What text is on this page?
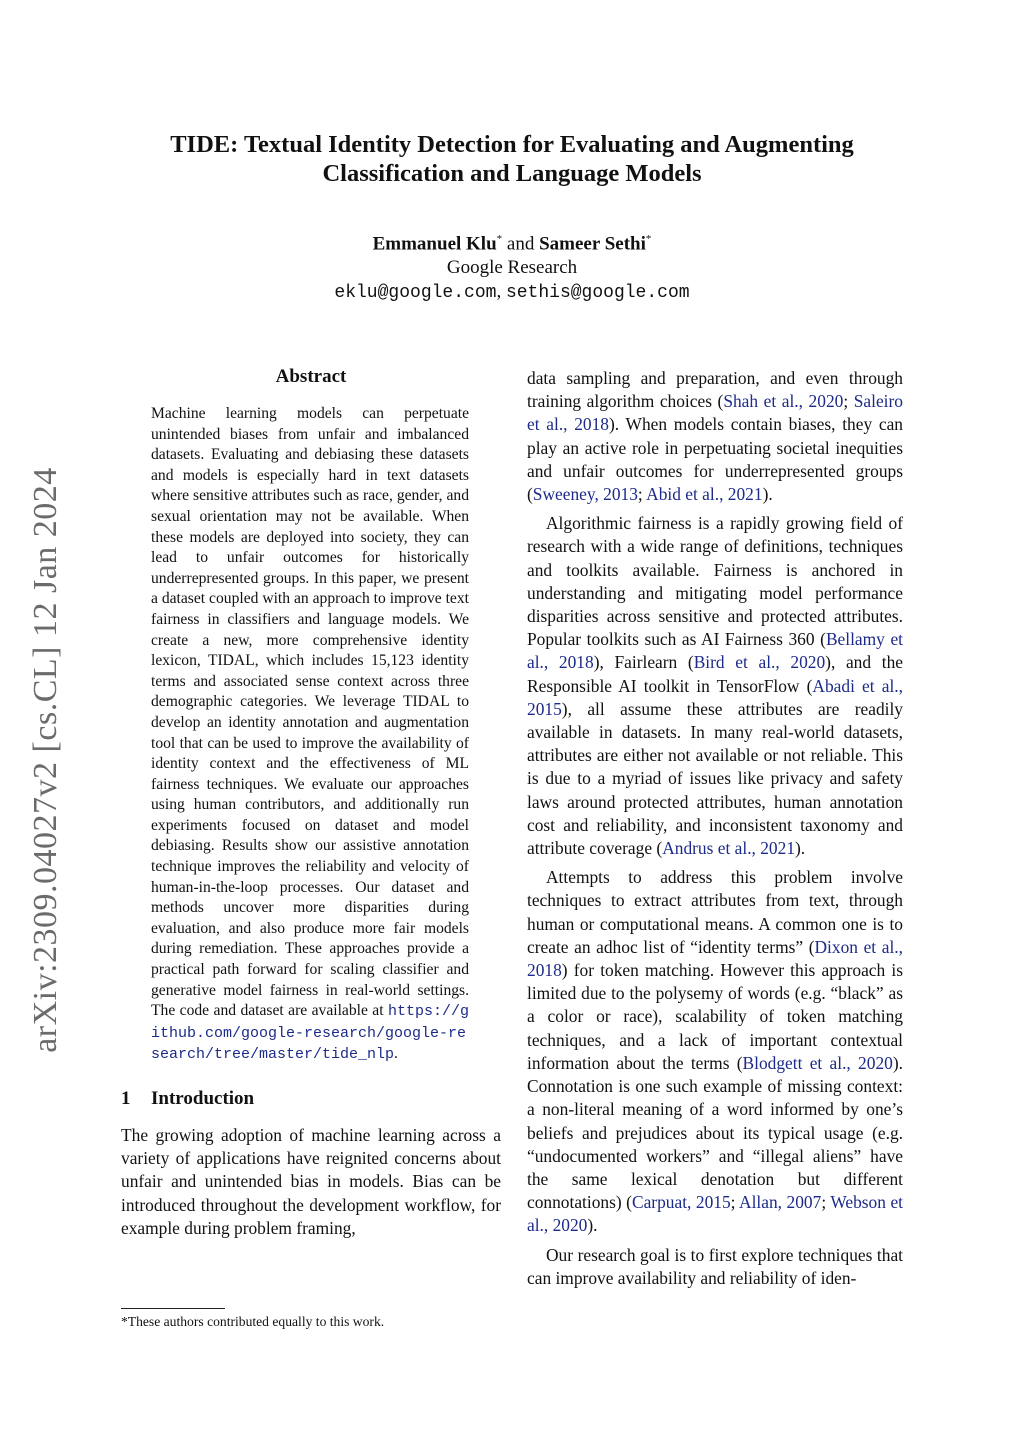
arXiv:2309.04027v2 [cs.CL] 12 Jan 2024
TIDE: Textual Identity Detection for Evaluating and Augmenting Classification and Language Models
Emmanuel Klu* and Sameer Sethi*
Google Research
eklu@google.com, sethis@google.com
Abstract

Machine learning models can perpetuate unintended biases from unfair and imbalanced datasets. Evaluating and debiasing these datasets and models is especially hard in text datasets where sensitive attributes such as race, gender, and sexual orientation may not be available. When these models are deployed into society, they can lead to unfair outcomes for historically underrepresented groups. In this paper, we present a dataset coupled with an approach to improve text fairness in classifiers and language models. We create a new, more comprehensive identity lexicon, TIDAL, which includes 15,123 identity terms and associated sense context across three demographic categories. We leverage TIDAL to develop an identity annotation and augmentation tool that can be used to improve the availability of identity context and the effectiveness of ML fairness techniques. We evaluate our approaches using human contributors, and additionally run experiments focused on dataset and model debiasing. Results show our assistive annotation technique improves the reliability and velocity of human-in-the-loop processes. Our dataset and methods uncover more disparities during evaluation, and also produce more fair models during remediation. These approaches provide a practical path forward for scaling classifier and generative model fairness in real-world settings. The code and dataset are available at https://github.com/google-research/google-research/tree/master/tide_nlp.

1 Introduction

The growing adoption of machine learning across a variety of applications have reignited concerns about unfair and unintended bias in models. Bias can be introduced throughout the development workflow, for example during problem framing,

*These authors contributed equally to this work.

data sampling and preparation, and even through training algorithm choices (Shah et al., 2020; Saleiro et al., 2018). When models contain biases, they can play an active role in perpetuating societal inequities and unfair outcomes for underrepresented groups (Sweeney, 2013; Abid et al., 2021).

Algorithmic fairness is a rapidly growing field of research with a wide range of definitions, techniques and toolkits available. Fairness is anchored in understanding and mitigating model performance disparities across sensitive and protected attributes. Popular toolkits such as AI Fairness 360 (Bellamy et al., 2018), Fairlearn (Bird et al., 2020), and the Responsible AI toolkit in TensorFlow (Abadi et al., 2015), all assume these attributes are readily available in datasets. In many real-world datasets, attributes are either not available or not reliable. This is due to a myriad of issues like privacy and safety laws around protected attributes, human annotation cost and reliability, and inconsistent taxonomy and attribute coverage (Andrus et al., 2021).

Attempts to address this problem involve techniques to extract attributes from text, through human or computational means. A common one is to create an adhoc list of “identity terms” (Dixon et al., 2018) for token matching. However this approach is limited due to the polysemy of words (e.g. “black” as a color or race), scalability of token matching techniques, and a lack of important contextual information about the terms (Blodgett et al., 2020). Connotation is one such example of missing context: a non-literal meaning of a word informed by one’s beliefs and prejudices about its typical usage (e.g. “undocumented workers” and “illegal aliens” have the same lexical denotation but different connotations) (Carpuat, 2015; Allan, 2007; Webson et al., 2020).

Our research goal is to first explore techniques that can improve availability and reliability of iden-
